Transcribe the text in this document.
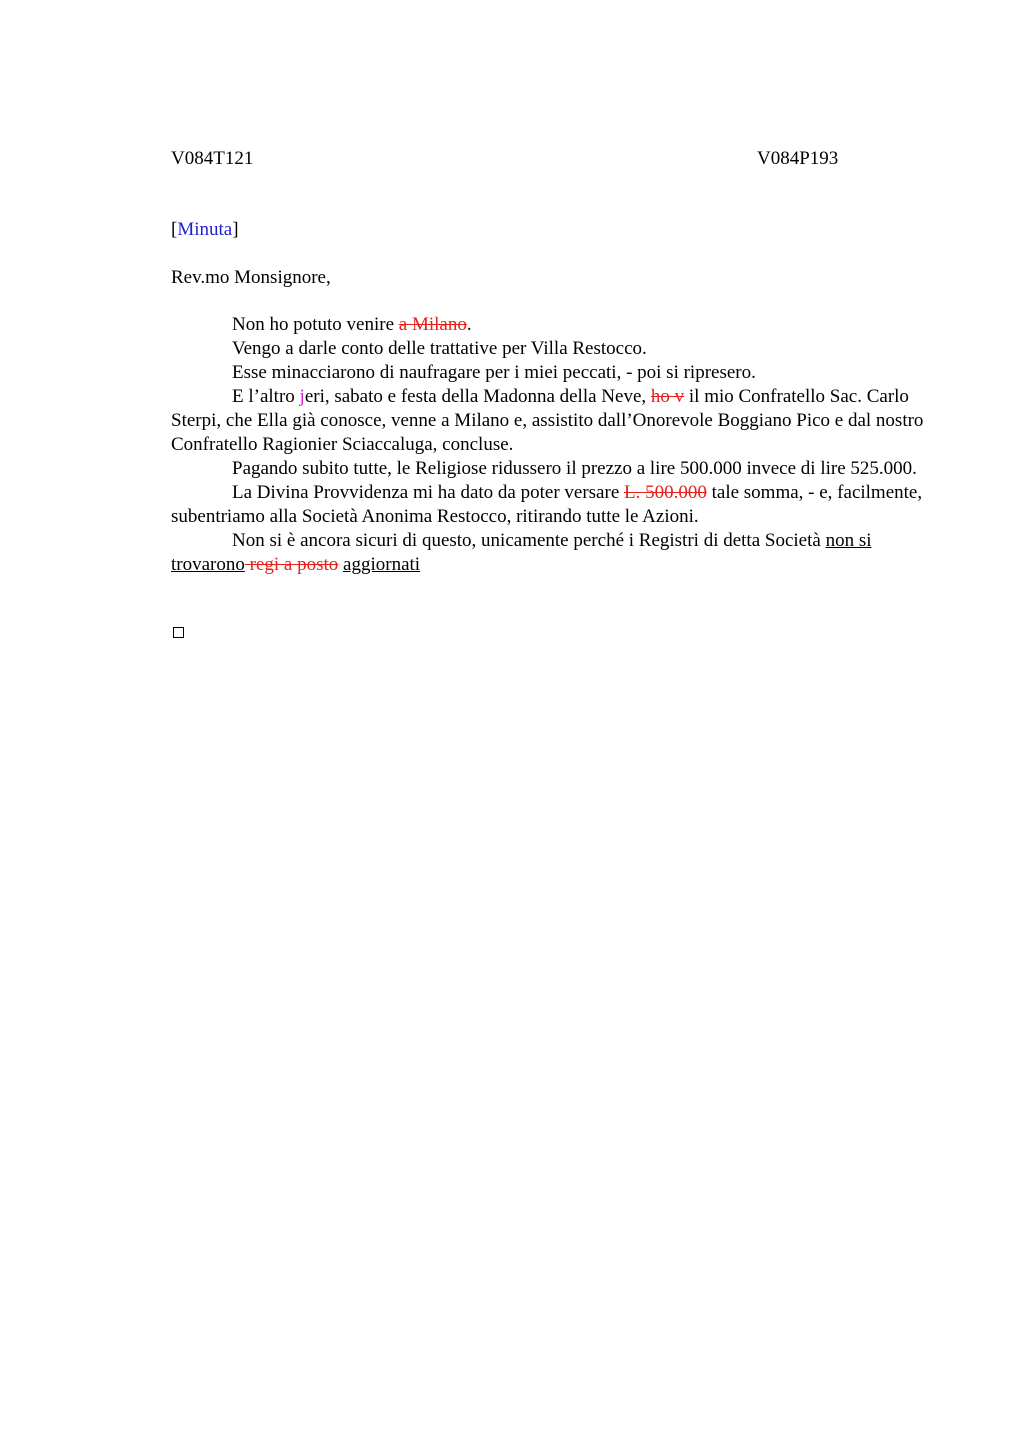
V084T121	V084P193
[Minuta]
Rev.mo Monsignore,

Non ho potuto venire a Milano.

Vengo a darle conto delle trattative per Villa Restocco.

Esse minacciarono di naufragare per i miei peccati, - poi si ripresero.

E l’altro jeri, sabato e festa della Madonna della Neve, ho v il mio Confratello Sac. Carlo Sterpi, che Ella già conosce, venne a Milano e, assistito dall’Onorevole Boggiano Pico e dal nostro Confratello Ragionier Sciaccaluga, concluse.

Pagando subito tutte, le Religiose ridussero il prezzo a lire 500.000 invece di lire 525.000.

La Divina Provvidenza mi ha dato da poter versare L. 500.000 tale somma, - e, facilmente, subentriamo alla Società Anonima Restocco, ritirando tutte le Azioni.

Non si è ancora sicuri di questo, unicamente perché i Registri di detta Società non si trovarono regi a posto aggiornati
